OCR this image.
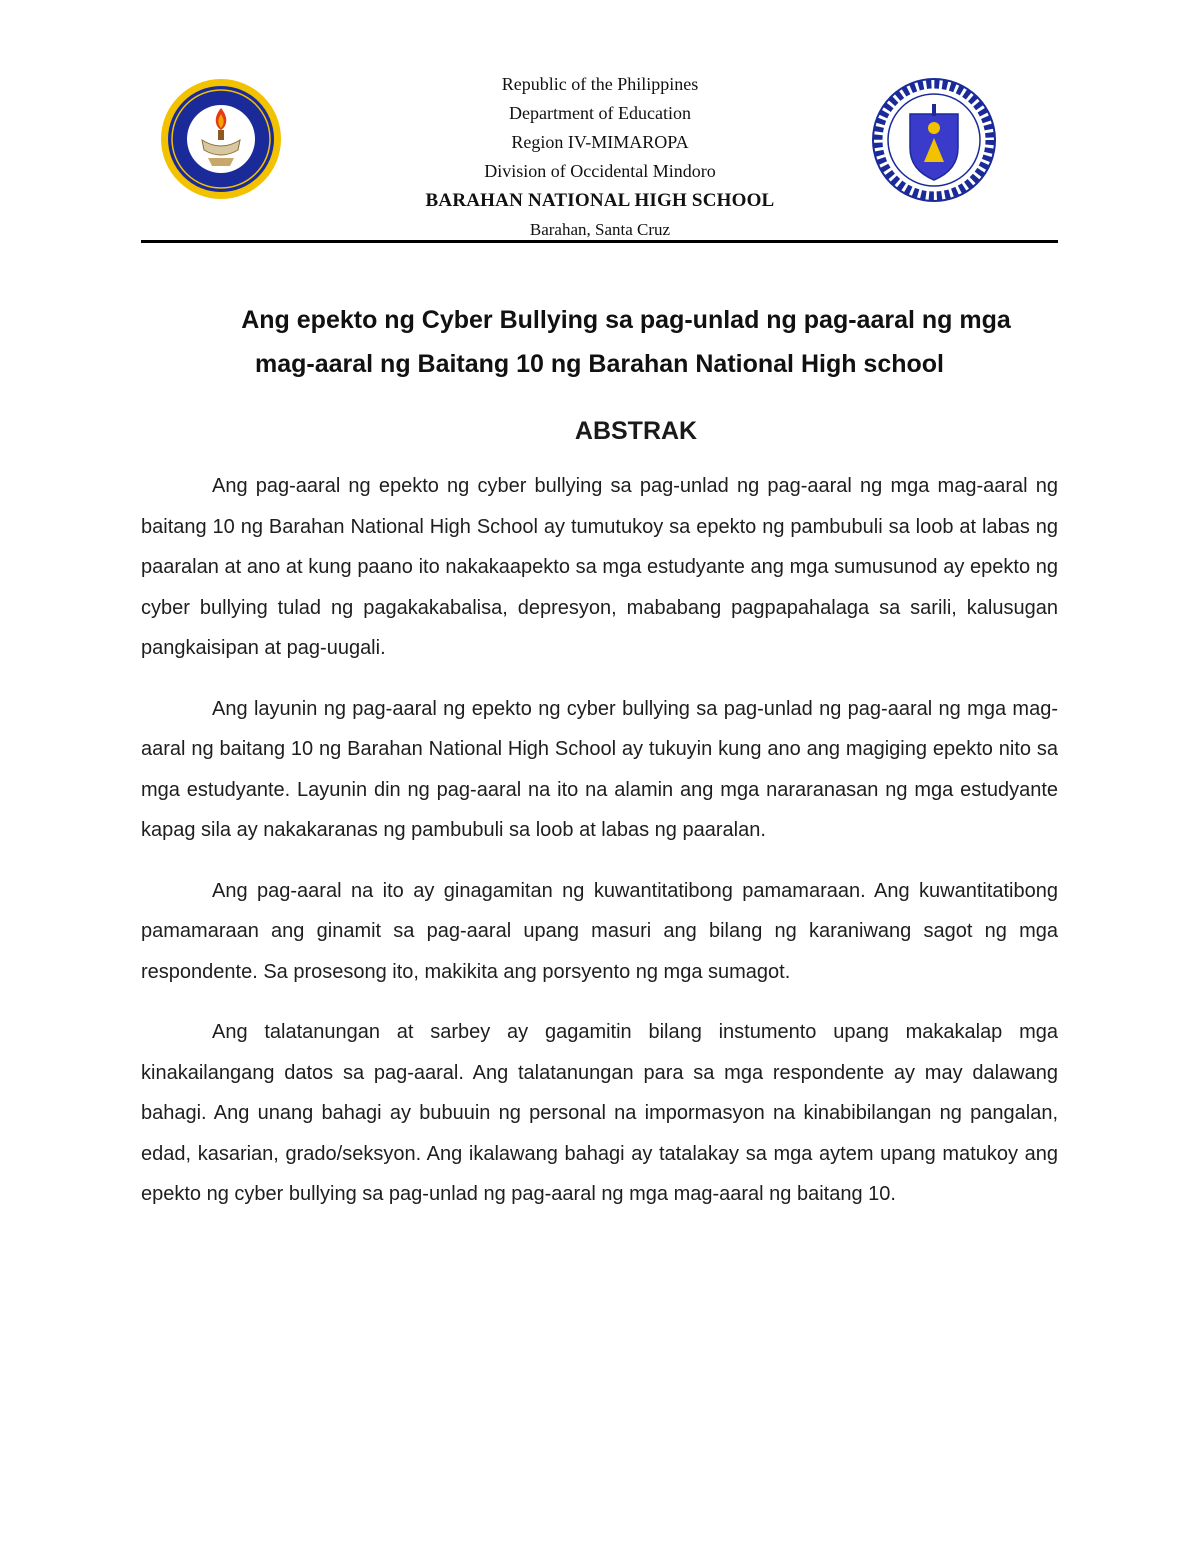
Republic of the Philippines
Department of Education
Region IV-MIMAROPA
Division of Occidental Mindoro
BARAHAN NATIONAL HIGH SCHOOL
Barahan, Santa Cruz
Ang epekto ng Cyber Bullying sa pag-unlad ng pag-aaral ng mga
mag-aaral ng Baitang 10 ng Barahan National High school
ABSTRAK

Ang pag-aaral ng epekto ng cyber bullying sa pag-unlad ng pag-aaral ng mga mag-aaral ng baitang 10 ng Barahan National High School ay tumutukoy sa epekto ng pambubuli sa loob at labas ng paaralan at ano at kung paano ito nakakaapekto sa mga estudyante ang mga sumusunod ay epekto ng cyber bullying tulad ng pagakakabalisa, depresyon, mababang pagpapahalaga sa sarili, kalusugan pangkaisipan at pag-uugali.

Ang layunin ng pag-aaral ng epekto ng cyber bullying sa pag-unlad ng pag-aaral ng mga mag-aaral ng baitang 10 ng Barahan National High School ay tukuyin kung ano ang magiging epekto nito sa mga estudyante. Layunin din ng pag-aaral na ito na alamin ang mga nararanasan ng mga estudyante kapag sila ay nakakaranas ng pambubuli sa loob at labas ng paaralan.

Ang pag-aaral na ito ay ginagamitan ng kuwantitatibong pamamaraan. Ang kuwantitatibong pamamaraan ang ginamit sa pag-aaral upang masuri ang bilang ng karaniwang sagot ng mga respondente. Sa prosesong ito, makikita ang porsyento ng mga sumagot.

Ang talatanungan at sarbey ay gagamitin bilang instumento upang makakalap mga kinakailangang datos sa pag-aaral. Ang talatanungan para sa mga respondente ay may dalawang bahagi. Ang unang bahagi ay bubuuin ng personal na impormasyon na kinabibilangan ng pangalan, edad, kasarian, grado/seksyon. Ang ikalawang bahagi ay tatalakay sa mga aytem upang matukoy ang epekto ng cyber bullying sa pag-unlad ng pag-aaral ng mga mag-aaral ng baitang 10.
